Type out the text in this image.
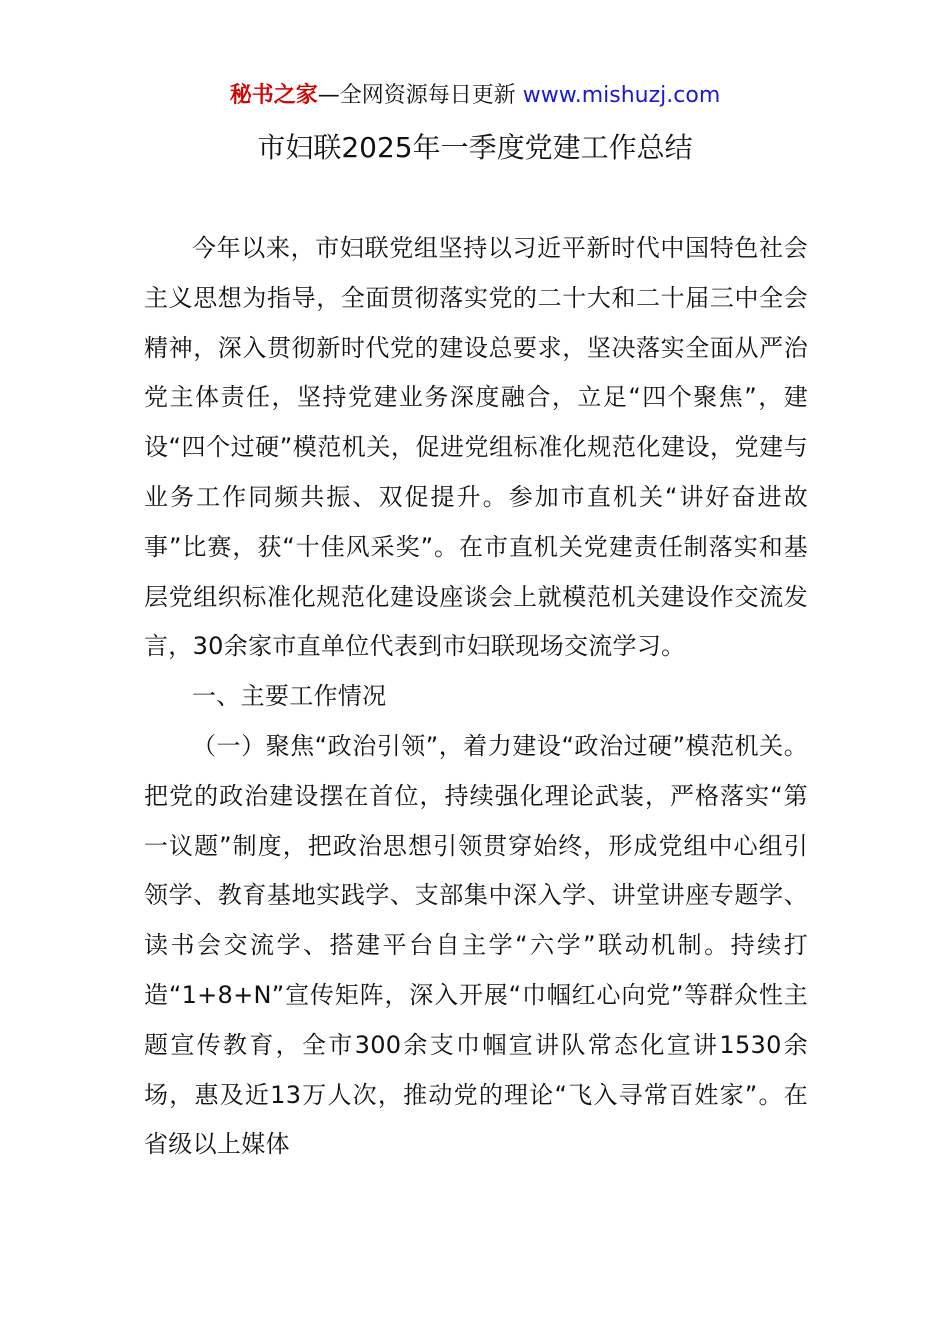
秘书之家—全网资源每日更新 www.mishuzj.com
市妇联2025年一季度党建工作总结

今年以来，市妇联党组坚持以习近平新时代中国特色社会主义思想为指导，全面贯彻落实党的二十大和二十届三中全会精神，深入贯彻新时代党的建设总要求，坚决落实全面从严治党主体责任，坚持党建业务深度融合，立足“四个聚焦”，建设“四个过硬”模范机关，促进党组标准化规范化建设，党建与业务工作同频共振、双促提升。参加市直机关“讲好奋进故事”比赛，获“十佳风采奖”。在市直机关党建责任制落实和基层党组织标准化规范化建设座谈会上就模范机关建设作交流发言，30余家市直单位代表到市妇联现场交流学习。

一、主要工作情况

（一）聚焦“政治引领”，着力建设“政治过硬”模范机关。把党的政治建设摆在首位，持续强化理论武装，严格落实“第一议题”制度，把政治思想引领贯穿始终，形成党组中心组引领学、教育基地实践学、支部集中深入学、讲堂讲座专题学、读书会交流学、搭建平台自主学“六学”联动机制。持续打造“1+8+N”宣传矩阵，深入开展“巾帼红心向党”等群众性主题宣传教育，全市300余支巾帼宣讲队常态化宣讲1530余场，惠及近13万人次，推动党的理论“飞入寻常百姓家”。在省级以上媒体
